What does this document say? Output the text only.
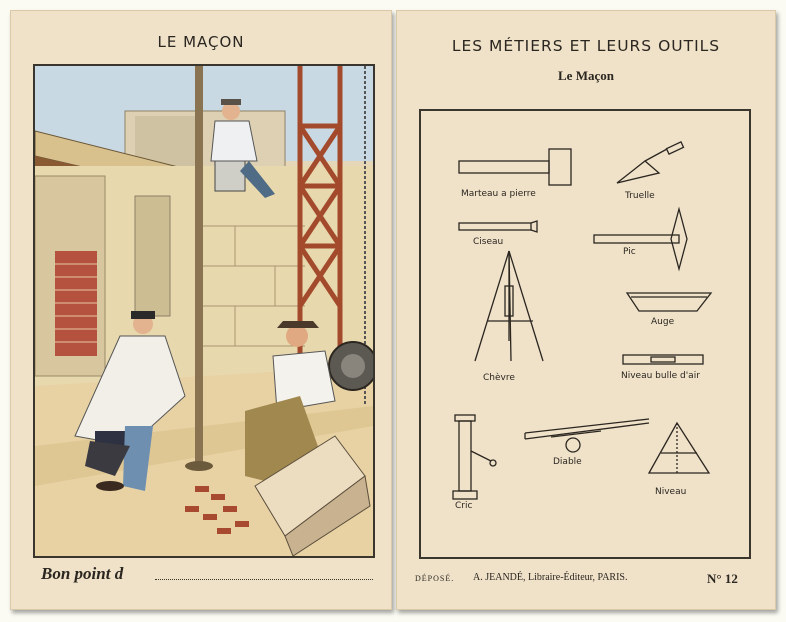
LE MAÇON
Bon point d
LES MÉTIERS ET LEURS OUTILS
Le Maçon
Marteau a pierre	Truelle
Ciseau
Pic
Chèvre
Auge
Niveau bulle d'air
Cric
Diable
Niveau
DÉPOSÉ. A. JEANDÉ, Libraire-Éditeur, PARIS.	N° 12
